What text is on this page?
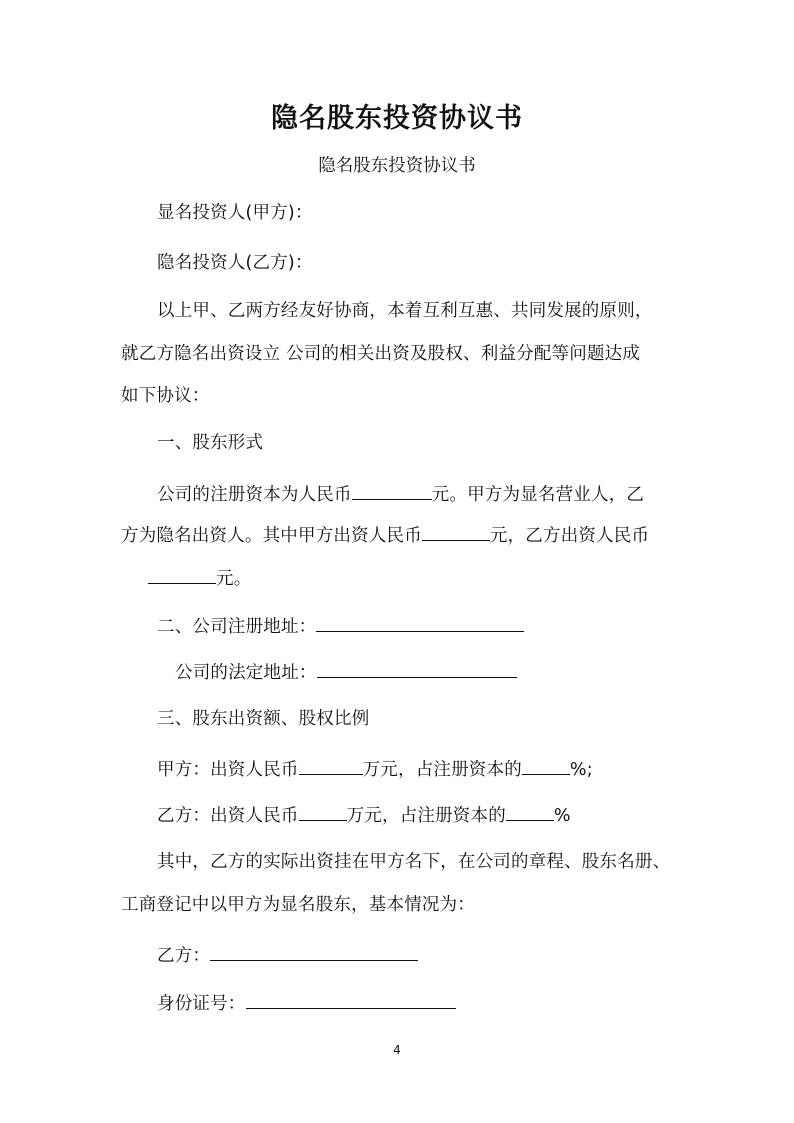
隐名股东投资协议书
隐名股东投资协议书
显名投资人(甲方)：
隐名投资人(乙方)：
以上甲、乙两方经友好协商，本着互利互惠、共同发展的原则，
就乙方隐名出资设立 公司的相关出资及股权、利益分配等问题达成
如下协议：
一、股东形式
公司的注册资本为人民币	元。甲方为显名营业人，乙
方为隐名出资人。其中甲方出资人民币	元，乙方出资人民币
元。
二、公司注册地址：
公司的法定地址：
三、股东出资额、股权比例
甲方：出资人民币	万元，占注册资本的	%;
乙方：出资人民币	万元，占注册资本的	%
其中，乙方的实际出资挂在甲方名下，在公司的章程、股东名册、
工商登记中以甲方为显名股东，基本情况为：
乙方：
身份证号：
4
